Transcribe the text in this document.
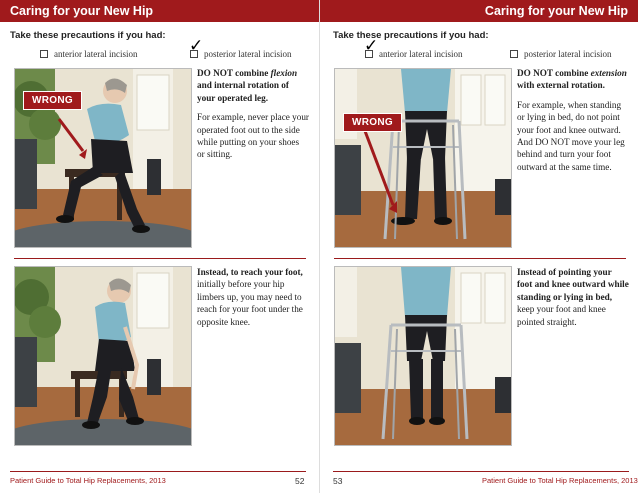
Caring for your New Hip
Take these precautions if you had:
anterior lateral incision	✓ posterior lateral incision
WRONG

DO NOT combine flexion and internal rotation of your operated leg.

For example, never place your operated foot out to the side while putting on your shoes or sitting.

Instead, to reach your foot, initially before your hip limbers up, you may need to reach for your foot under the opposite knee.

Patient Guide to Total Hip Replacements, 2013	52
Caring for your New Hip
Take these precautions if you had:
✓ anterior lateral incision	posterior lateral incision
WRONG

DO NOT combine extension with external rotation.

For example, when standing or lying in bed, do not point your foot and knee outward. And DO NOT move your leg behind and turn your foot outward at the same time.

Instead of pointing your foot and knee outward while standing or lying in bed, keep your foot and knee pointed straight.

53	Patient Guide to Total Hip Replacements, 2013
